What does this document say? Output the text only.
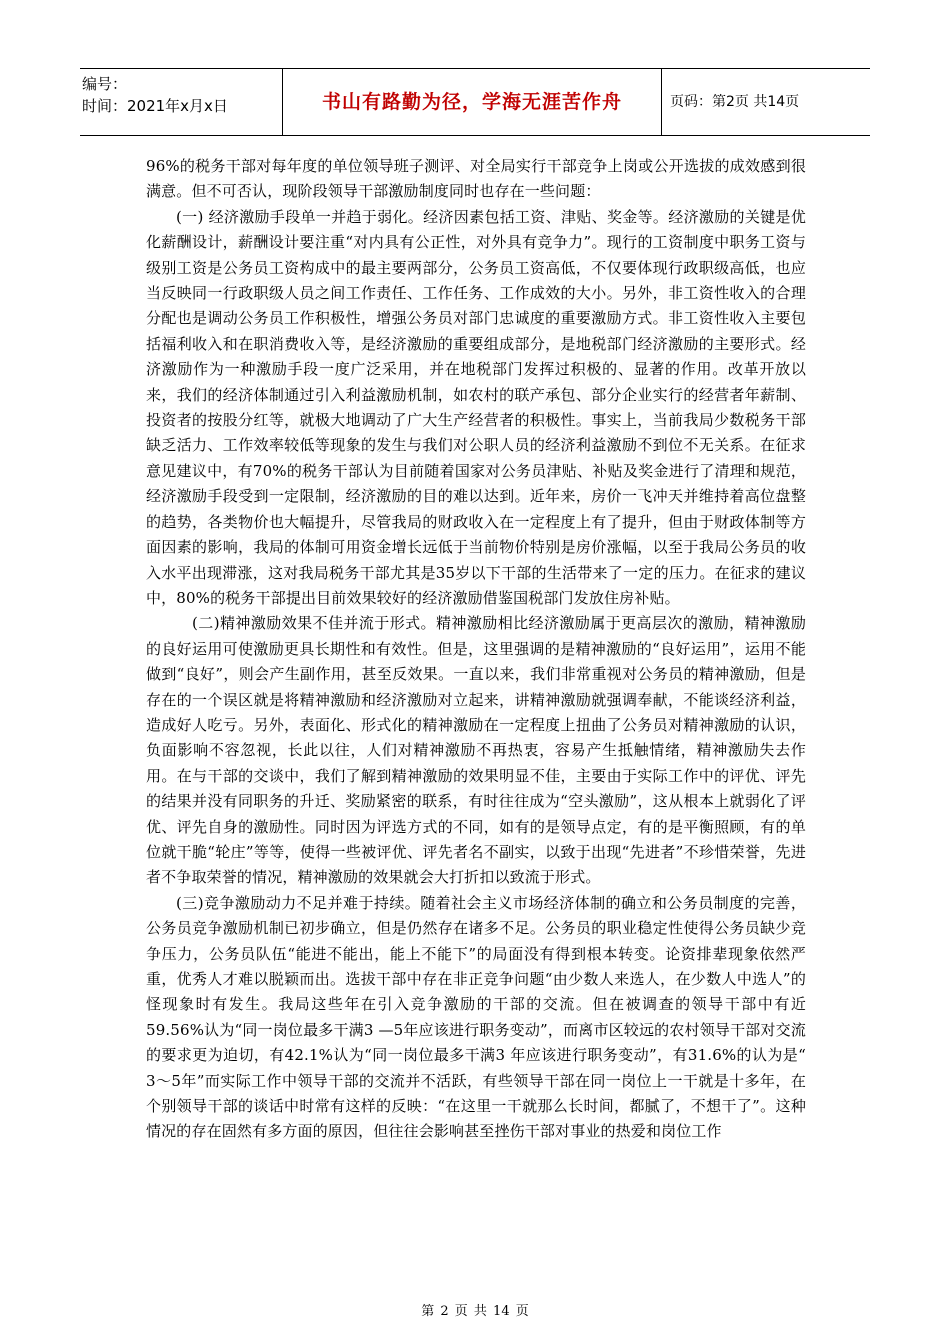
编号：
时间：2021年x月x日	书山有路勤为径，学海无涯苦作舟	页码：第2页 共14页

96%的税务干部对每年度的单位领导班子测评、对全局实行干部竞争上岗或公开选拔的成效感到很满意。但不可否认，现阶段领导干部激励制度同时也存在一些问题：

(一) 经济激励手段单一并趋于弱化。经济因素包括工资、津贴、奖金等。经济激励的关键是优化薪酬设计，薪酬设计要注重“对内具有公正性，对外具有竞争力”。现行的工资制度中职务工资与级别工资是公务员工资构成中的最主要两部分，公务员工资高低，不仅要体现行政职级高低，也应当反映同一行政职级人员之间工作责任、工作任务、工作成效的大小。另外，非工资性收入的合理分配也是调动公务员工作积极性，增强公务员对部门忠诚度的重要激励方式。非工资性收入主要包括福利收入和在职消费收入等，是经济激励的重要组成部分，是地税部门经济激励的主要形式。经济激励作为一种激励手段一度广泛采用，并在地税部门发挥过积极的、显著的作用。改革开放以来，我们的经济体制通过引入利益激励机制，如农村的联产承包、部分企业实行的经营者年薪制、投资者的按股分红等，就极大地调动了广大生产经营者的积极性。事实上，当前我局少数税务干部缺乏活力、工作效率较低等现象的发生与我们对公职人员的经济利益激励不到位不无关系。在征求意见建议中，有70%的税务干部认为目前随着国家对公务员津贴、补贴及奖金进行了清理和规范，经济激励手段受到一定限制，经济激励的目的难以达到。近年来，房价一飞冲天并维持着高位盘整的趋势，各类物价也大幅提升，尽管我局的财政收入在一定程度上有了提升，但由于财政体制等方面因素的影响，我局的体制可用资金增长远低于当前物价特别是房价涨幅，以至于我局公务员的收入水平出现滞涨，这对我局税务干部尤其是35岁以下干部的生活带来了一定的压力。在征求的建议中，80%的税务干部提出目前效果较好的经济激励借鉴国税部门发放住房补贴。

(二)精神激励效果不佳并流于形式。精神激励相比经济激励属于更高层次的激励，精神激励的良好运用可使激励更具长期性和有效性。但是，这里强调的是精神激励的“良好运用”，运用不能做到“良好”，则会产生副作用，甚至反效果。一直以来，我们非常重视对公务员的精神激励，但是存在的一个误区就是将精神激励和经济激励对立起来，讲精神激励就强调奉献，不能谈经济利益，造成好人吃亏。另外，表面化、形式化的精神激励在一定程度上扭曲了公务员对精神激励的认识，负面影响不容忽视，长此以往，人们对精神激励不再热衷，容易产生抵触情绪，精神激励失去作用。在与干部的交谈中，我们了解到精神激励的效果明显不佳，主要由于实际工作中的评优、评先的结果并没有同职务的升迁、奖励紧密的联系，有时往往成为“空头激励”，这从根本上就弱化了评优、评先自身的激励性。同时因为评选方式的不同，如有的是领导点定，有的是平衡照顾，有的单位就干脆“轮庄”等等，使得一些被评优、评先者名不副实，以致于出现“先进者”不珍惜荣誉，先进者不争取荣誉的情况，精神激励的效果就会大打折扣以致流于形式。

(三)竞争激励动力不足并难于持续。随着社会主义市场经济体制的确立和公务员制度的完善，公务员竞争激励机制已初步确立，但是仍然存在诸多不足。公务员的职业稳定性使得公务员缺少竞争压力，公务员队伍“能进不能出，能上不能下”的局面没有得到根本转变。论资排辈现象依然严重，优秀人才难以脱颖而出。选拔干部中存在非正竞争问题“由少数人来选人，在少数人中选人”的怪现象时有发生。我局这些年在引入竞争激励的干部的交流。但在被调查的领导干部中有近59.56%认为“同一岗位最多干满3 —5年应该进行职务变动”，而离市区较远的农村领导干部对交流的要求更为迫切，有42.1%认为“同一岗位最多干满3 年应该进行职务变动”，有31.6%的认为是“ 3～5年”而实际工作中领导干部的交流并不活跃，有些领导干部在同一岗位上一干就是十多年，在个别领导干部的谈话中时常有这样的反映：“在这里一干就那么长时间，都腻了，不想干了”。这种情况的存在固然有多方面的原因，但往往会影响甚至挫伤干部对事业的热爱和岗位工作

第 2 页 共 14 页
